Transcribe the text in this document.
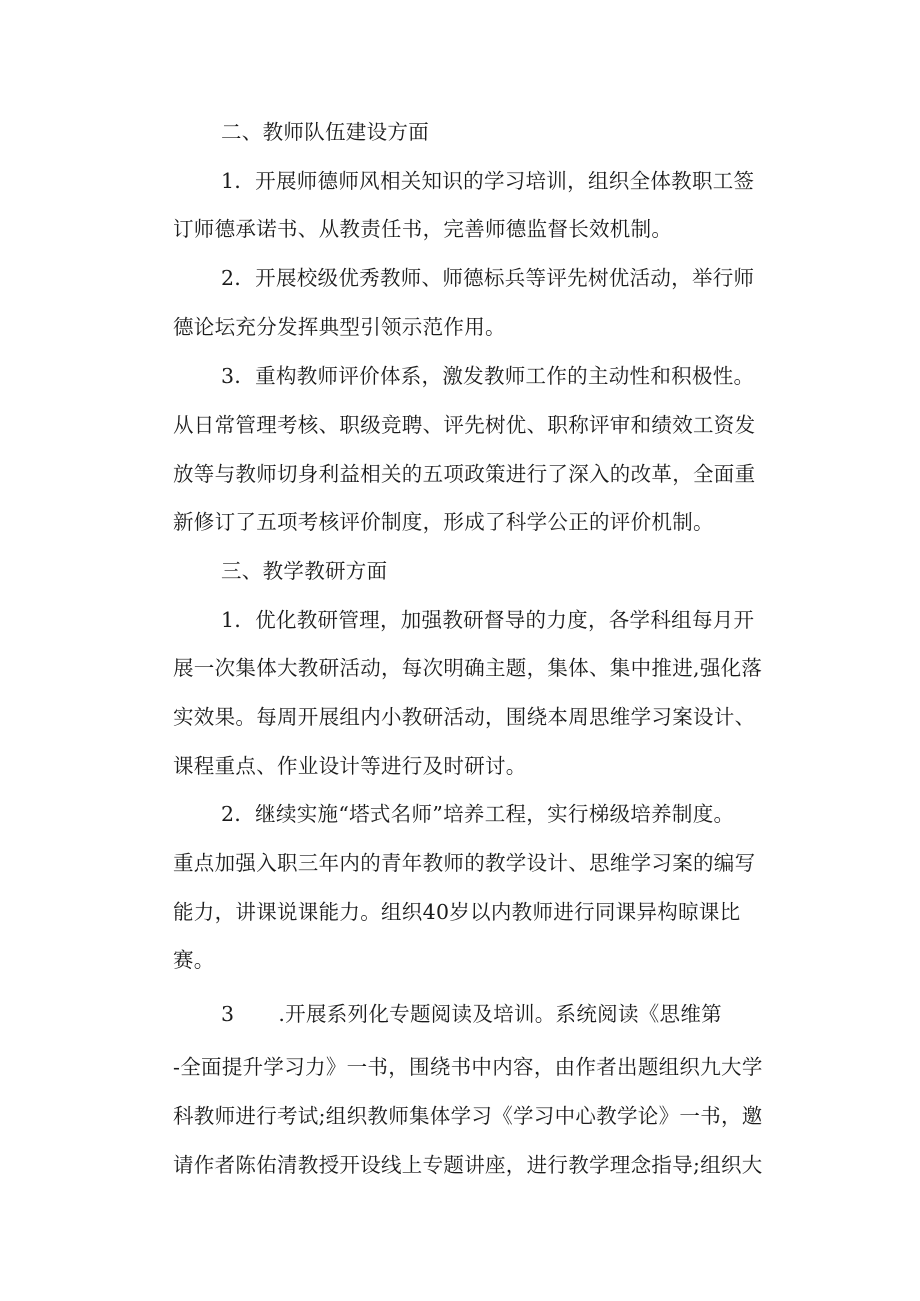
二、教师队伍建设方面
1．开展师德师风相关知识的学习培训，组织全体教职工签
订师德承诺书、从教责任书，完善师德监督长效机制。
2．开展校级优秀教师、师德标兵等评先树优活动，举行师
德论坛充分发挥典型引领示范作用。
3．重构教师评价体系，激发教师工作的主动性和积极性。
从日常管理考核、职级竞聘、评先树优、职称评审和绩效工资发
放等与教师切身利益相关的五项政策进行了深入的改革，全面重
新修订了五项考核评价制度，形成了科学公正的评价机制。
三、教学教研方面
1．优化教研管理，加强教研督导的力度，各学科组每月开
展一次集体大教研活动，每次明确主题，集体、集中推进,强化落
实效果。每周开展组内小教研活动，围绕本周思维学习案设计、
课程重点、作业设计等进行及时研讨。
2．继续实施“塔式名师”培养工程，实行梯级培养制度。
重点加强入职三年内的青年教师的教学设计、思维学习案的编写
能力，讲课说课能力。组织40岁以内教师进行同课异构晾课比
赛。
3 .开展系列化专题阅读及培训。系统阅读《思维第
-全面提升学习力》一书，围绕书中内容，由作者出题组织九大学
科教师进行考试;组织教师集体学习《学习中心教学论》一书，邀
请作者陈佑清教授开设线上专题讲座，进行教学理念指导;组织大
